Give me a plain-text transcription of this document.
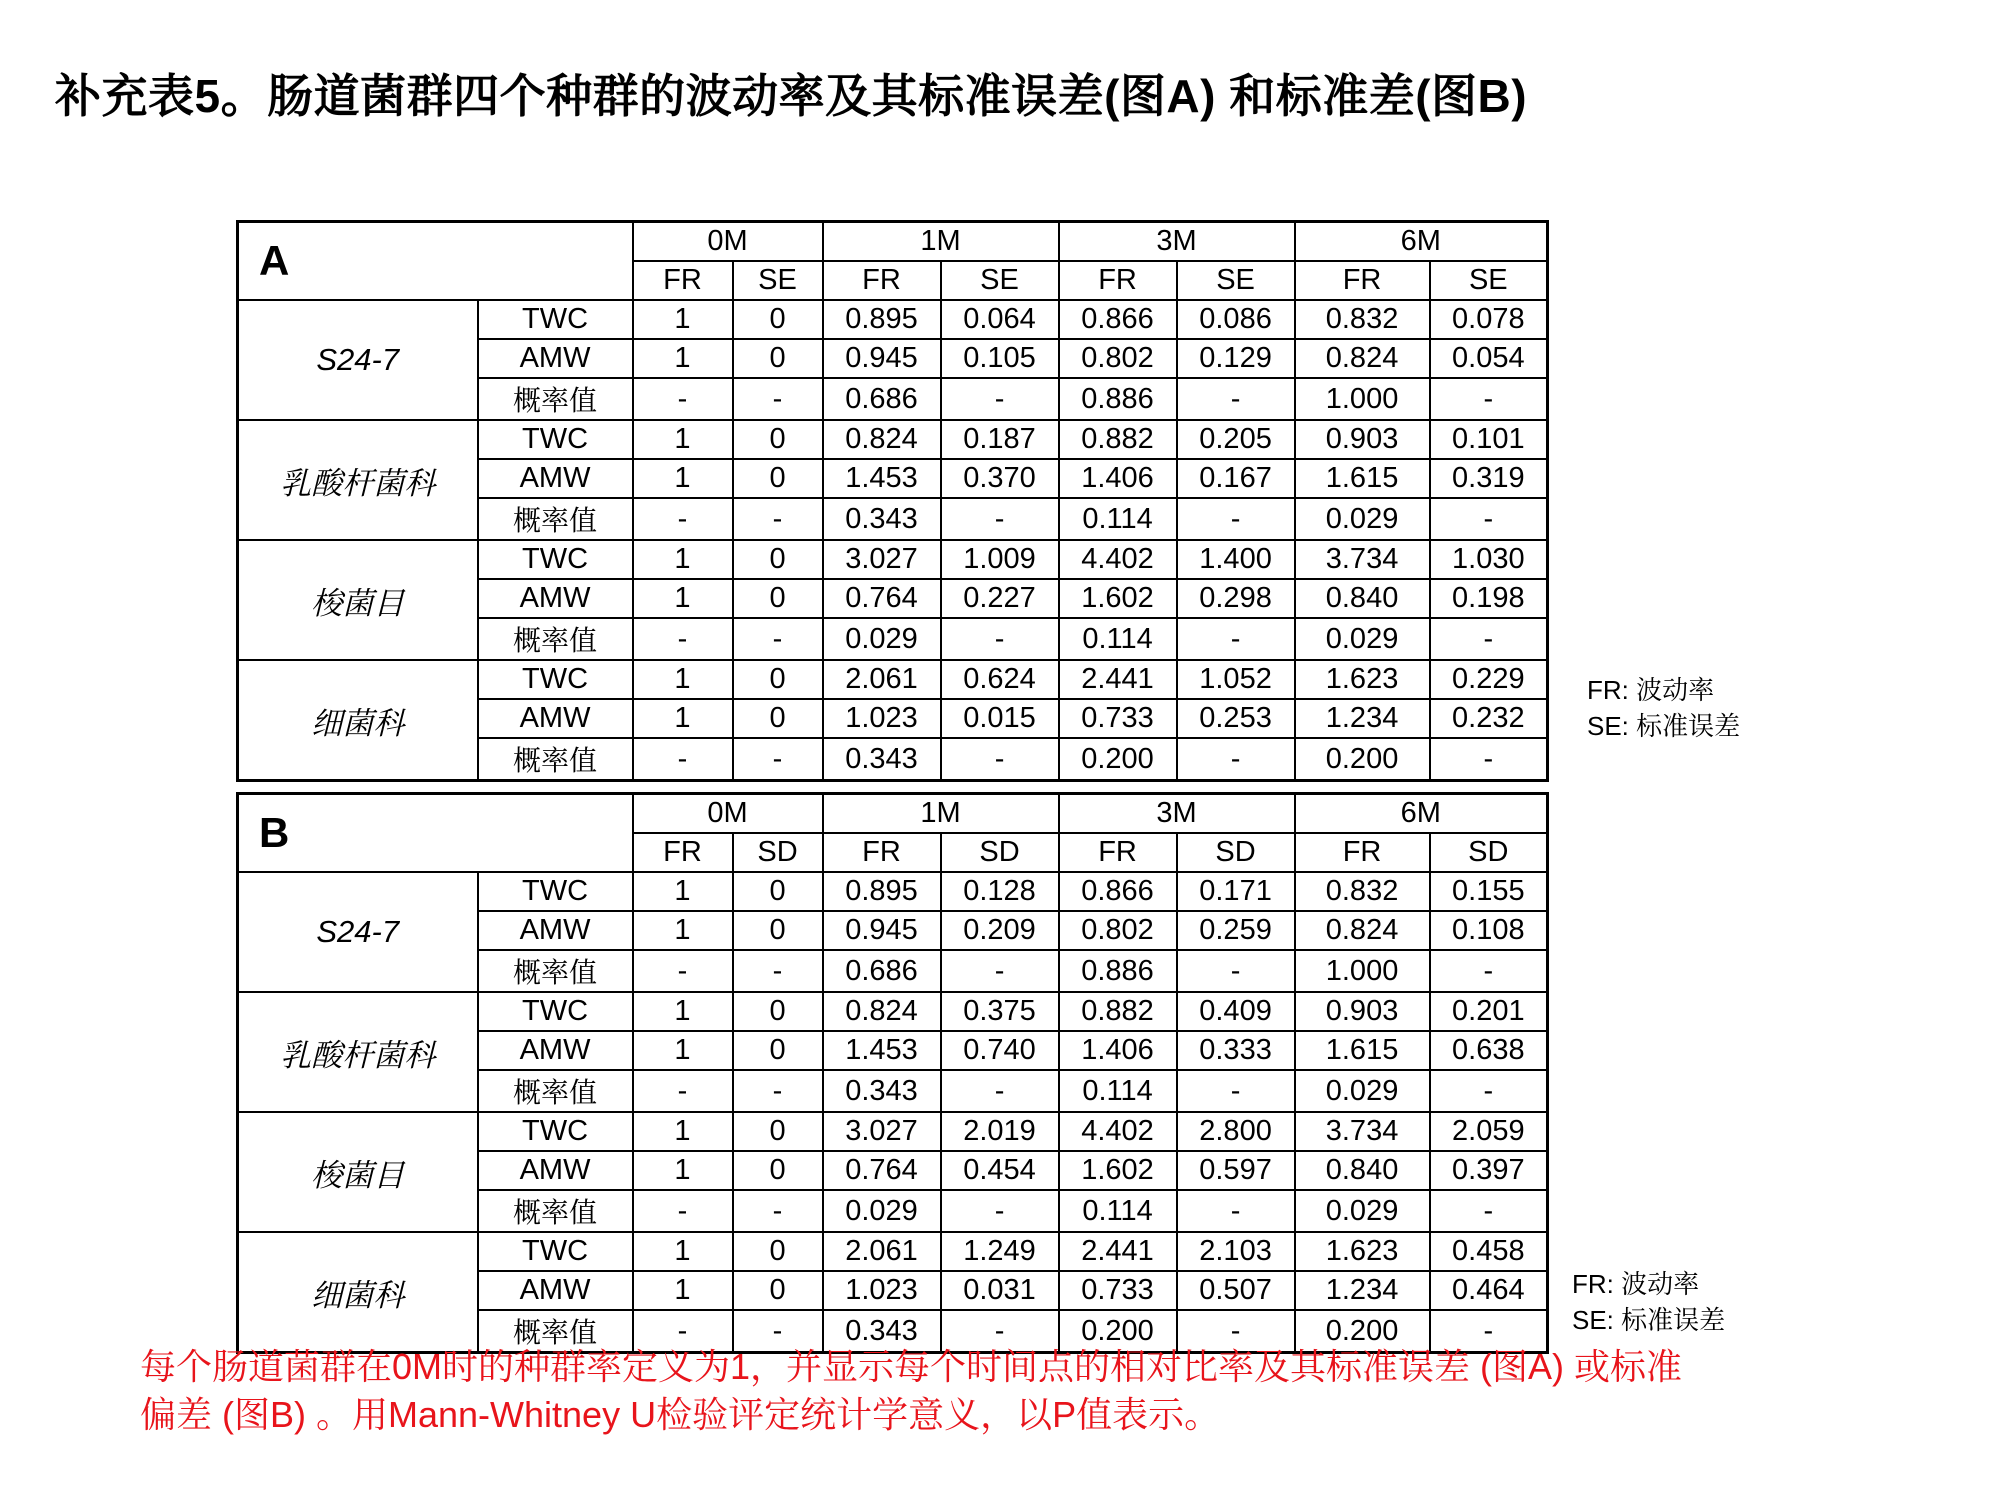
补充表5。肠道菌群四个种群的波动率及其标准误差(图A) 和标准差(图B)
A		0M		1M		3M		6M	
		FR	SE	FR	SE	FR	SE	FR	SE
S24-7	TWC	1	0	0.895	0.064	0.866	0.086	0.832	0.078
	AMW	1	0	0.945	0.105	0.802	0.129	0.824	0.054
	概率值	-	-	0.686	-	0.886	-	1.000	-
乳酸杆菌科	TWC	1	0	0.824	0.187	0.882	0.205	0.903	0.101
	AMW	1	0	1.453	0.370	1.406	0.167	1.615	0.319
	概率值	-	-	0.343	-	0.114	-	0.029	-
梭菌目	TWC	1	0	3.027	1.009	4.402	1.400	3.734	1.030
	AMW	1	0	0.764	0.227	1.602	0.298	0.840	0.198
	概率值	-	-	0.029	-	0.114	-	0.029	-
细菌科	TWC	1	0	2.061	0.624	2.441	1.052	1.623	0.229
	AMW	1	0	1.023	0.015	0.733	0.253	1.234	0.232
	概率值	-	-	0.343	-	0.200	-	0.200	-
B		0M		1M		3M		6M	
		FR	SD	FR	SD	FR	SD	FR	SD
S24-7	TWC	1	0	0.895	0.128	0.866	0.171	0.832	0.155
	AMW	1	0	0.945	0.209	0.802	0.259	0.824	0.108
	概率值	-	-	0.686	-	0.886	-	1.000	-
乳酸杆菌科	TWC	1	0	0.824	0.375	0.882	0.409	0.903	0.201
	AMW	1	0	1.453	0.740	1.406	0.333	1.615	0.638
	概率值	-	-	0.343	-	0.114	-	0.029	-
梭菌目	TWC	1	0	3.027	2.019	4.402	2.800	3.734	2.059
	AMW	1	0	0.764	0.454	1.602	0.597	0.840	0.397
	概率值	-	-	0.029	-	0.114	-	0.029	-
细菌科	TWC	1	0	2.061	1.249	2.441	2.103	1.623	0.458
	AMW	1	0	1.023	0.031	0.733	0.507	1.234	0.464
	概率值	-	-	0.343	-	0.200	-	0.200	-
FR: 波动率
SE: 标准误差
FR: 波动率
SE: 标准误差
每个肠道菌群在0M时的种群率定义为1，并显示每个时间点的相对比率及其标准误差 (图A) 或标准
偏差 (图B) 。用Mann-Whitney U检验评定统计学意义，以P值表示。
